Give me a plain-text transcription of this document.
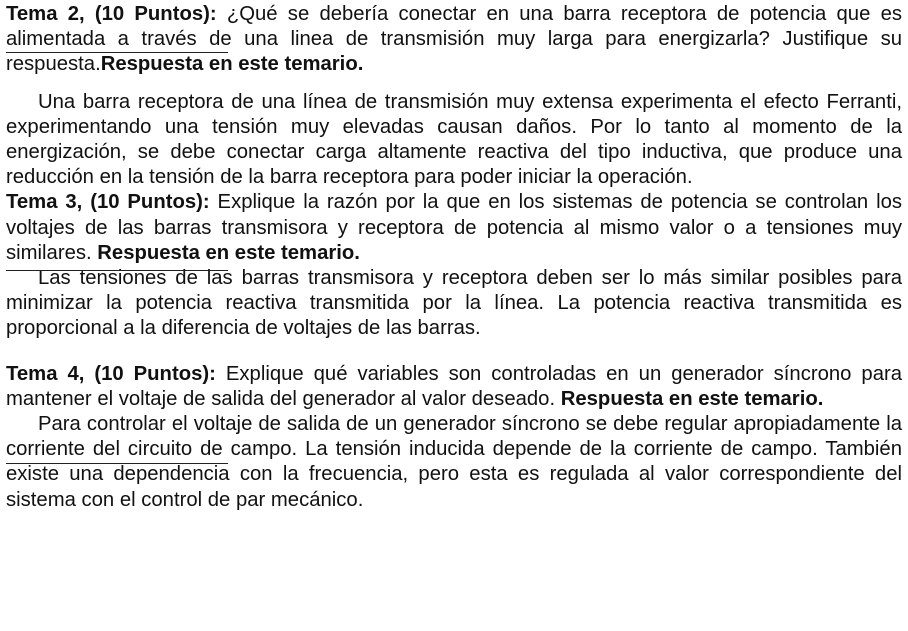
Tema 2, (10 Puntos): ¿Qué se debería conectar en una barra receptora de potencia que es alimentada a través de una linea de transmisión muy larga para energizarla? Justifique su respuesta.Respuesta en este temario.

Una barra receptora de una línea de transmisión muy extensa experimenta el efecto Ferranti, experimentando una tensión muy elevadas causan daños. Por lo tanto al momento de la energización, se debe conectar carga altamente reactiva del tipo inductiva, que produce una reducción en la tensión de la barra receptora para poder iniciar la operación.

Tema 3, (10 Puntos): Explique la razón por la que en los sistemas de potencia se controlan los voltajes de las barras transmisora y receptora de potencia al mismo valor o a tensiones muy similares. Respuesta en este temario.

Las tensiones de las barras transmisora y receptora deben ser lo más similar posibles para minimizar la potencia reactiva transmitida por la línea. La potencia reactiva transmitida es proporcional a la diferencia de voltajes de las barras.

Tema 4, (10 Puntos): Explique qué variables son controladas en un generador síncrono para mantener el voltaje de salida del generador al valor deseado. Respuesta en este temario.

Para controlar el voltaje de salida de un generador síncrono se debe regular apropiadamente la corriente del circuito de campo. La tensión inducida depende de la corriente de campo. También existe una dependencia con la frecuencia, pero esta es regulada al valor correspondiente del sistema con el control de par mecánico.
